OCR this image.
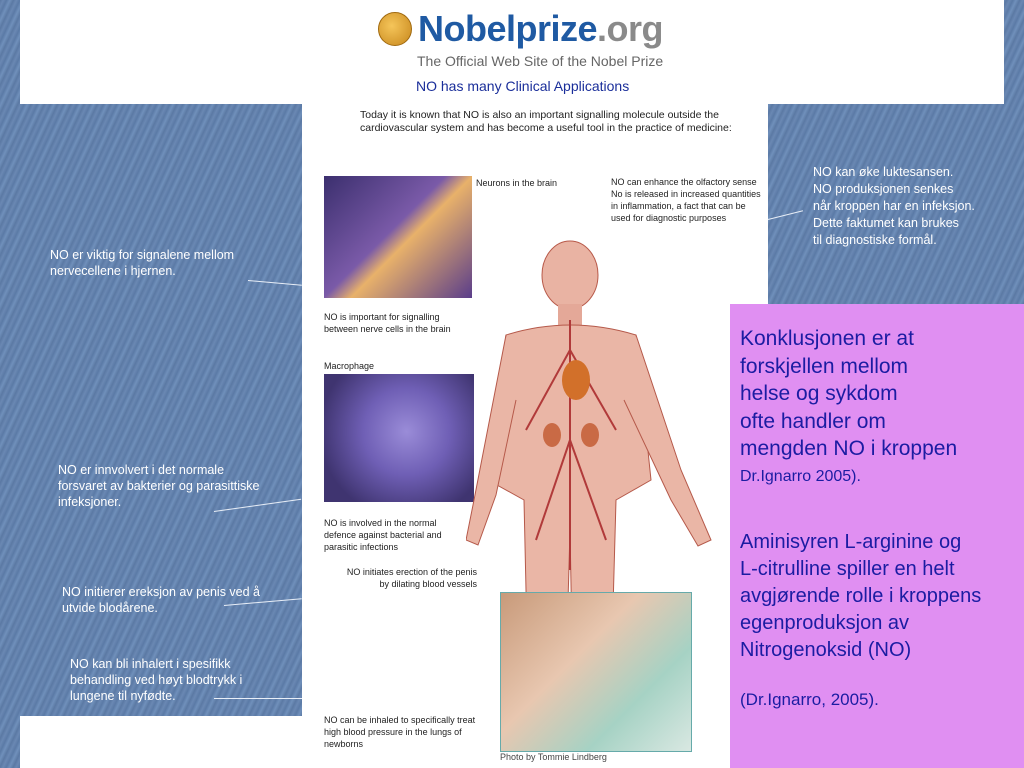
Nobelprize.org
The Official Web Site of the Nobel Prize
NO has many Clinical Applications
Today it is known that NO is also an important signalling molecule outside the cardiovascular system and has become a useful tool in the practice of medicine:
Neurons in the brain	NO can enhance the olfactory sense No is released in increased quantities in inflammation, a fact that can be used for diagnostic purposes
NO is important for signalling between nerve cells in the brain
Macrophage
NO is involved in the normal defence against bacterial and parasitic infections
NO initiates erection of the penis by dilating blood vessels
NO can be inhaled to specifically treat high blood pressure in the lungs of newborns
Photo by Tommie Lindberg
NO er viktig for signalene mellom nervecellene i hjernen.
NO er innvolvert i det normale forsvaret av bakterier og parasittiske infeksjoner.
NO initierer ereksjon av penis ved å utvide blodårene.
NO kan bli inhalert i spesifikk behandling ved høyt blodtrykk i lungene til nyfødte.
NO kan øke luktesansen.
NO produksjonen senkes
når kroppen har en infeksjon.
Dette faktumet kan brukes
til diagnostiske formål.
Konklusjonen er at
forskjellen mellom
helse og sykdom
ofte handler om
mengden NO i kroppen
Dr.Ignarro 2005).
Aminisyren L-arginine og
L-citrulline spiller en helt
avgjørende rolle i kroppens
egenproduksjon av
Nitrogenoksid (NO)
(Dr.Ignarro, 2005).
